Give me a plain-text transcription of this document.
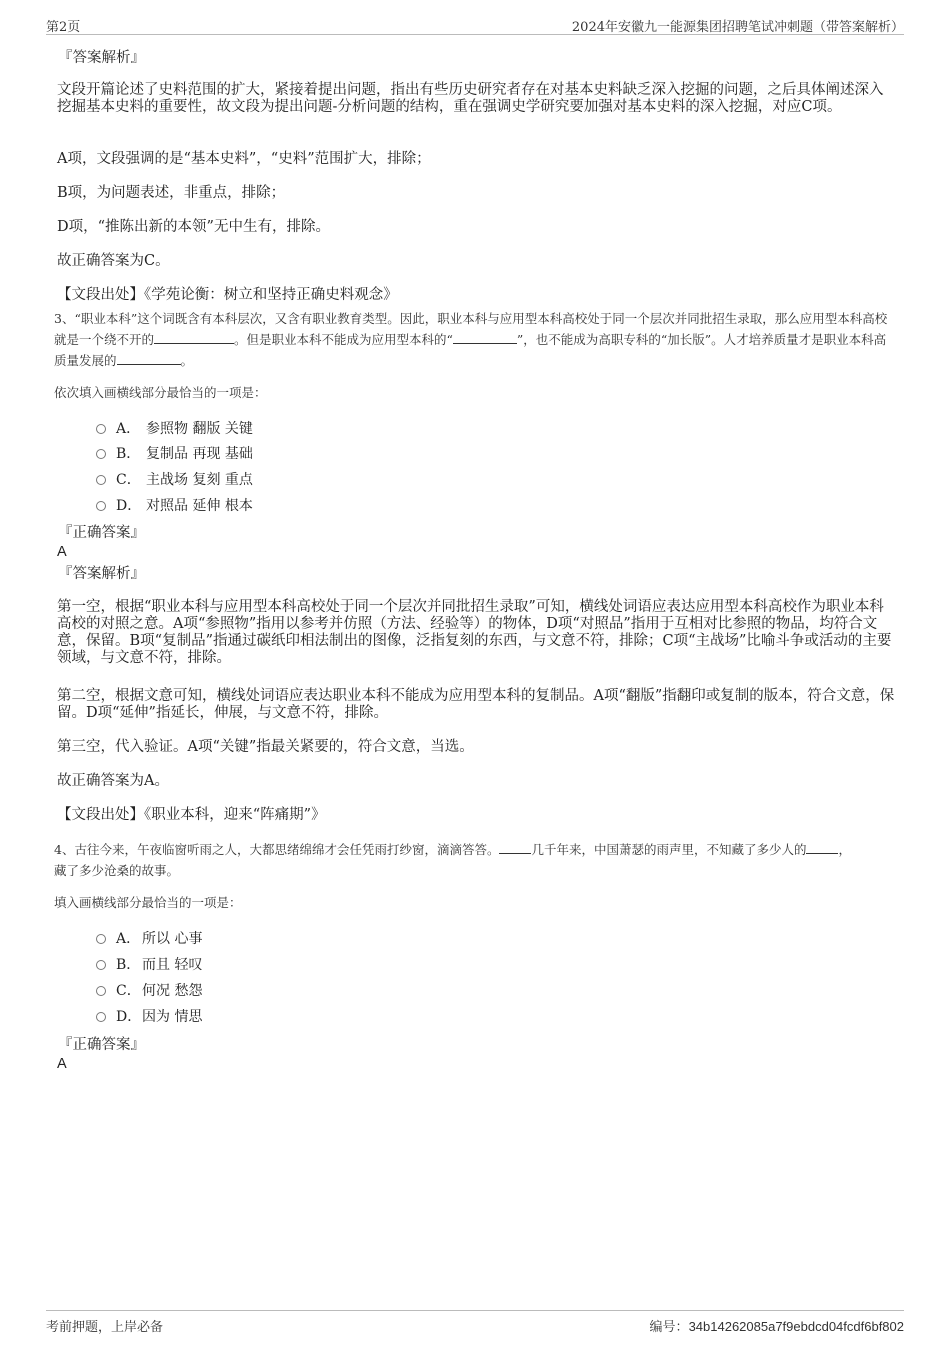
第2页	2024年安徽九一能源集团招聘笔试冲刺题（带答案解析）
『答案解析』
文段开篇论述了史料范围的扩大，紧接着提出问题，指出有些历史研究者存在对基本史料缺乏深入挖掘的问题，之后具体阐述深入挖掘基本史料的重要性，故文段为提出问题-分析问题的结构，重在强调史学研究要加强对基本史料的深入挖掘，对应C项。
A项，文段强调的是“基本史料”，“史料”范围扩大，排除；
B项，为问题表述，非重点，排除；
D项，“推陈出新的本领”无中生有，排除。
故正确答案为C。
【文段出处】《学苑论衡：树立和坚持正确史料观念》
3、“职业本科”这个词既含有本科层次，又含有职业教育类型。因此，职业本科与应用型本科高校处于同一个层次并同批招生录取，那么应用型本科高校就是一个绕不开的	。但是职业本科不能成为应用型本科的“	”，也不能成为高职专科的“加长版”。人才培养质量才是职业本科高质量发展的	。
依次填入画横线部分最恰当的一项是：
A． 参照物 翻版 关键
B． 复制品 再现 基础
C． 主战场 复刻 重点
D． 对照品 延伸 根本
『正确答案』
A
『答案解析』
第一空，根据“职业本科与应用型本科高校处于同一个层次并同批招生录取”可知，横线处词语应表达应用型本科高校作为职业本科高校的对照之意。A项“参照物”指用以参考并仿照（方法、经验等）的物体，D项“对照品”指用于互相对比参照的物品，均符合文意，保留。B项“复制品”指通过碳纸印相法制出的图像，泛指复刻的东西，与文意不符，排除；C项“主战场”比喻斗争或活动的主要领域，与文意不符，排除。
第二空，根据文意可知，横线处词语应表达职业本科不能成为应用型本科的复制品。A项“翻版”指翻印或复制的版本，符合文意，保留。D项“延伸”指延长，伸展，与文意不符，排除。
第三空，代入验证。A项“关键”指最关紧要的，符合文意，当选。
故正确答案为A。
【文段出处】《职业本科，迎来“阵痛期”》
4、古往今来，午夜临窗听雨之人，大都思绪绵绵才会任凭雨打纱窗，滴滴答答。	几千年来，中国萧瑟的雨声里，不知藏了多少人的	，藏了多少沧桑的故事。
填入画横线部分最恰当的一项是：
A． 所以 心事
B． 而且 轻叹
C．何况 愁怨
D．因为 情思
『正确答案』
A
考前押题，上岸必备	编号：34b14262085a7f9ebdcd04fcdf6bf802
